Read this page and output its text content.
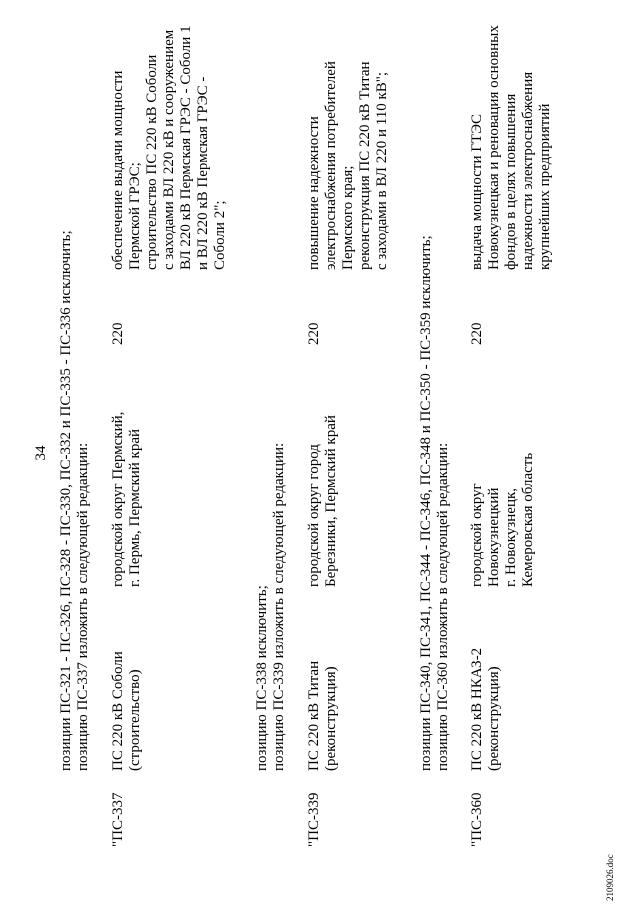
34 позиции ПС-321 - ПС-326, ПС-328 - ПС-330, ПС-332 и ПС-335 - ПС-336 исключить; позицию ПС-337 изложить в следующей редакции:
"ПС-337
ПС 220 кВ Соболи (строительство)
городской округ Пермский, г. Пермь, Пермский край
220
обеспечение выдачи мощности Пермской ГРЭС; строительство ПС 220 кВ Соболи с заходами ВЛ 220 кВ и сооружением ВЛ 220 кВ Пермская ГРЭС - Соболи 1 и ВЛ 220 кВ Пермская ГРЭС - Соболи 2";
позицию ПС-338 исключить; позицию ПС-339 изложить в следующей редакции:
"ПС-339
ПС 220 кВ Титан (реконструкция)
городской округ город Березники, Пермский край
220
повышение надежности электроснабжения потребителей Пермского края; реконструкция ПС 220 кВ Титан с заходами в ВЛ 220 и 110 кВ";
позиции ПС-340, ПС-341, ПС-344 - ПС-346, ПС-348 и ПС-350 - ПС-359 исключить; позицию ПС-360 изложить в следующей редакции:
"ПС-360
ПС 220 кВ НКАЗ-2 (реконструкция)
городской округ Новокузнецкий г. Новокузнецк, Кемеровская область
220
выдача мощности ГТЭС Новокузнецкая и реновация основных фондов в целях повышения надежности электроснабжения крупнейших предприятий
2109026.doc
